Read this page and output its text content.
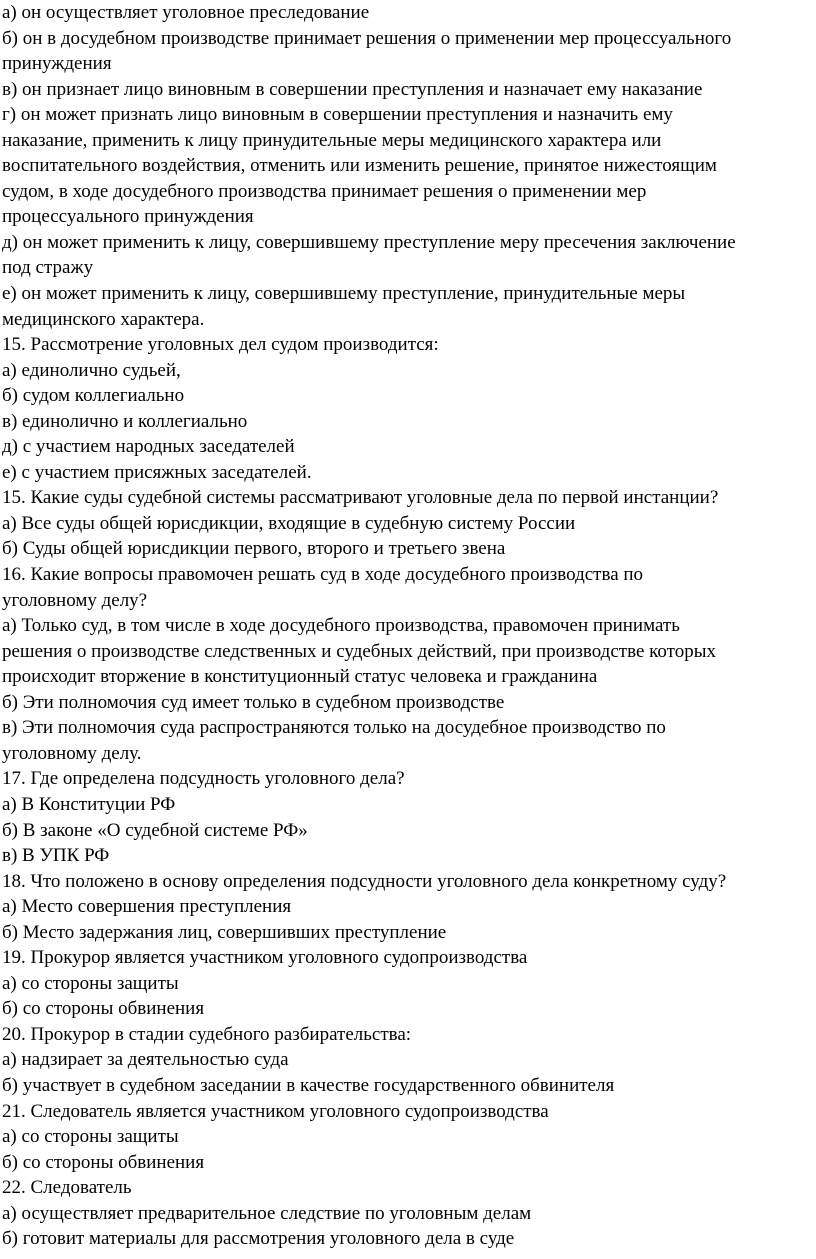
а) он осуществляет уголовное преследование
б) он в досудебном производстве принимает решения о применении мер процессуального
принуждения
в) он признает лицо виновным в совершении преступления и назначает ему наказание
г) он может признать лицо виновным в совершении преступления и назначить ему
наказание, применить к лицу принудительные меры медицинского характера или
воспитательного воздействия, отменить или изменить решение, принятое нижестоящим
судом, в ходе досудебного производства принимает решения о применении мер
процессуального принуждения
д) он может применить к лицу, совершившему преступление меру пресечения заключение
под стражу
е) он может применить к лицу, совершившему преступление, принудительные меры
медицинского характера.
15. Рассмотрение уголовных дел судом производится:
а) единолично судьей,
б) судом коллегиально
в) единолично и коллегиально
д) с участием народных заседателей
е) с участием присяжных заседателей.
15. Какие суды судебной системы рассматривают уголовные дела по первой инстанции?
а) Все суды общей юрисдикции, входящие в судебную систему России
б) Суды общей юрисдикции первого, второго и третьего звена
16. Какие вопросы правомочен решать суд в ходе досудебного производства по
уголовному делу?
а) Только суд, в том числе в ходе досудебного производства, правомочен принимать
решения о производстве следственных и судебных действий, при производстве которых
происходит вторжение в конституционный статус человека и гражданина
б) Эти полномочия суд имеет только в судебном производстве
в) Эти полномочия суда распространяются только на досудебное производство по
уголовному делу.
17. Где определена подсудность уголовного дела?
а) В Конституции РФ
б) В законе «О судебной системе РФ»
в) В УПК РФ
18. Что положено в основу определения подсудности уголовного дела конкретному суду?
а) Место совершения преступления
б) Место задержания лиц, совершивших преступление
19. Прокурор является участником уголовного судопроизводства
а) со стороны защиты
б) со стороны обвинения
20. Прокурор в стадии судебного разбирательства:
а) надзирает за деятельностью суда
б) участвует в судебном заседании в качестве государственного обвинителя
21. Следователь является участником уголовного судопроизводства
а) со стороны защиты
б) со стороны обвинения
22. Следователь
а) осуществляет предварительное следствие по уголовным делам
б) готовит материалы для рассмотрения уголовного дела в суде
